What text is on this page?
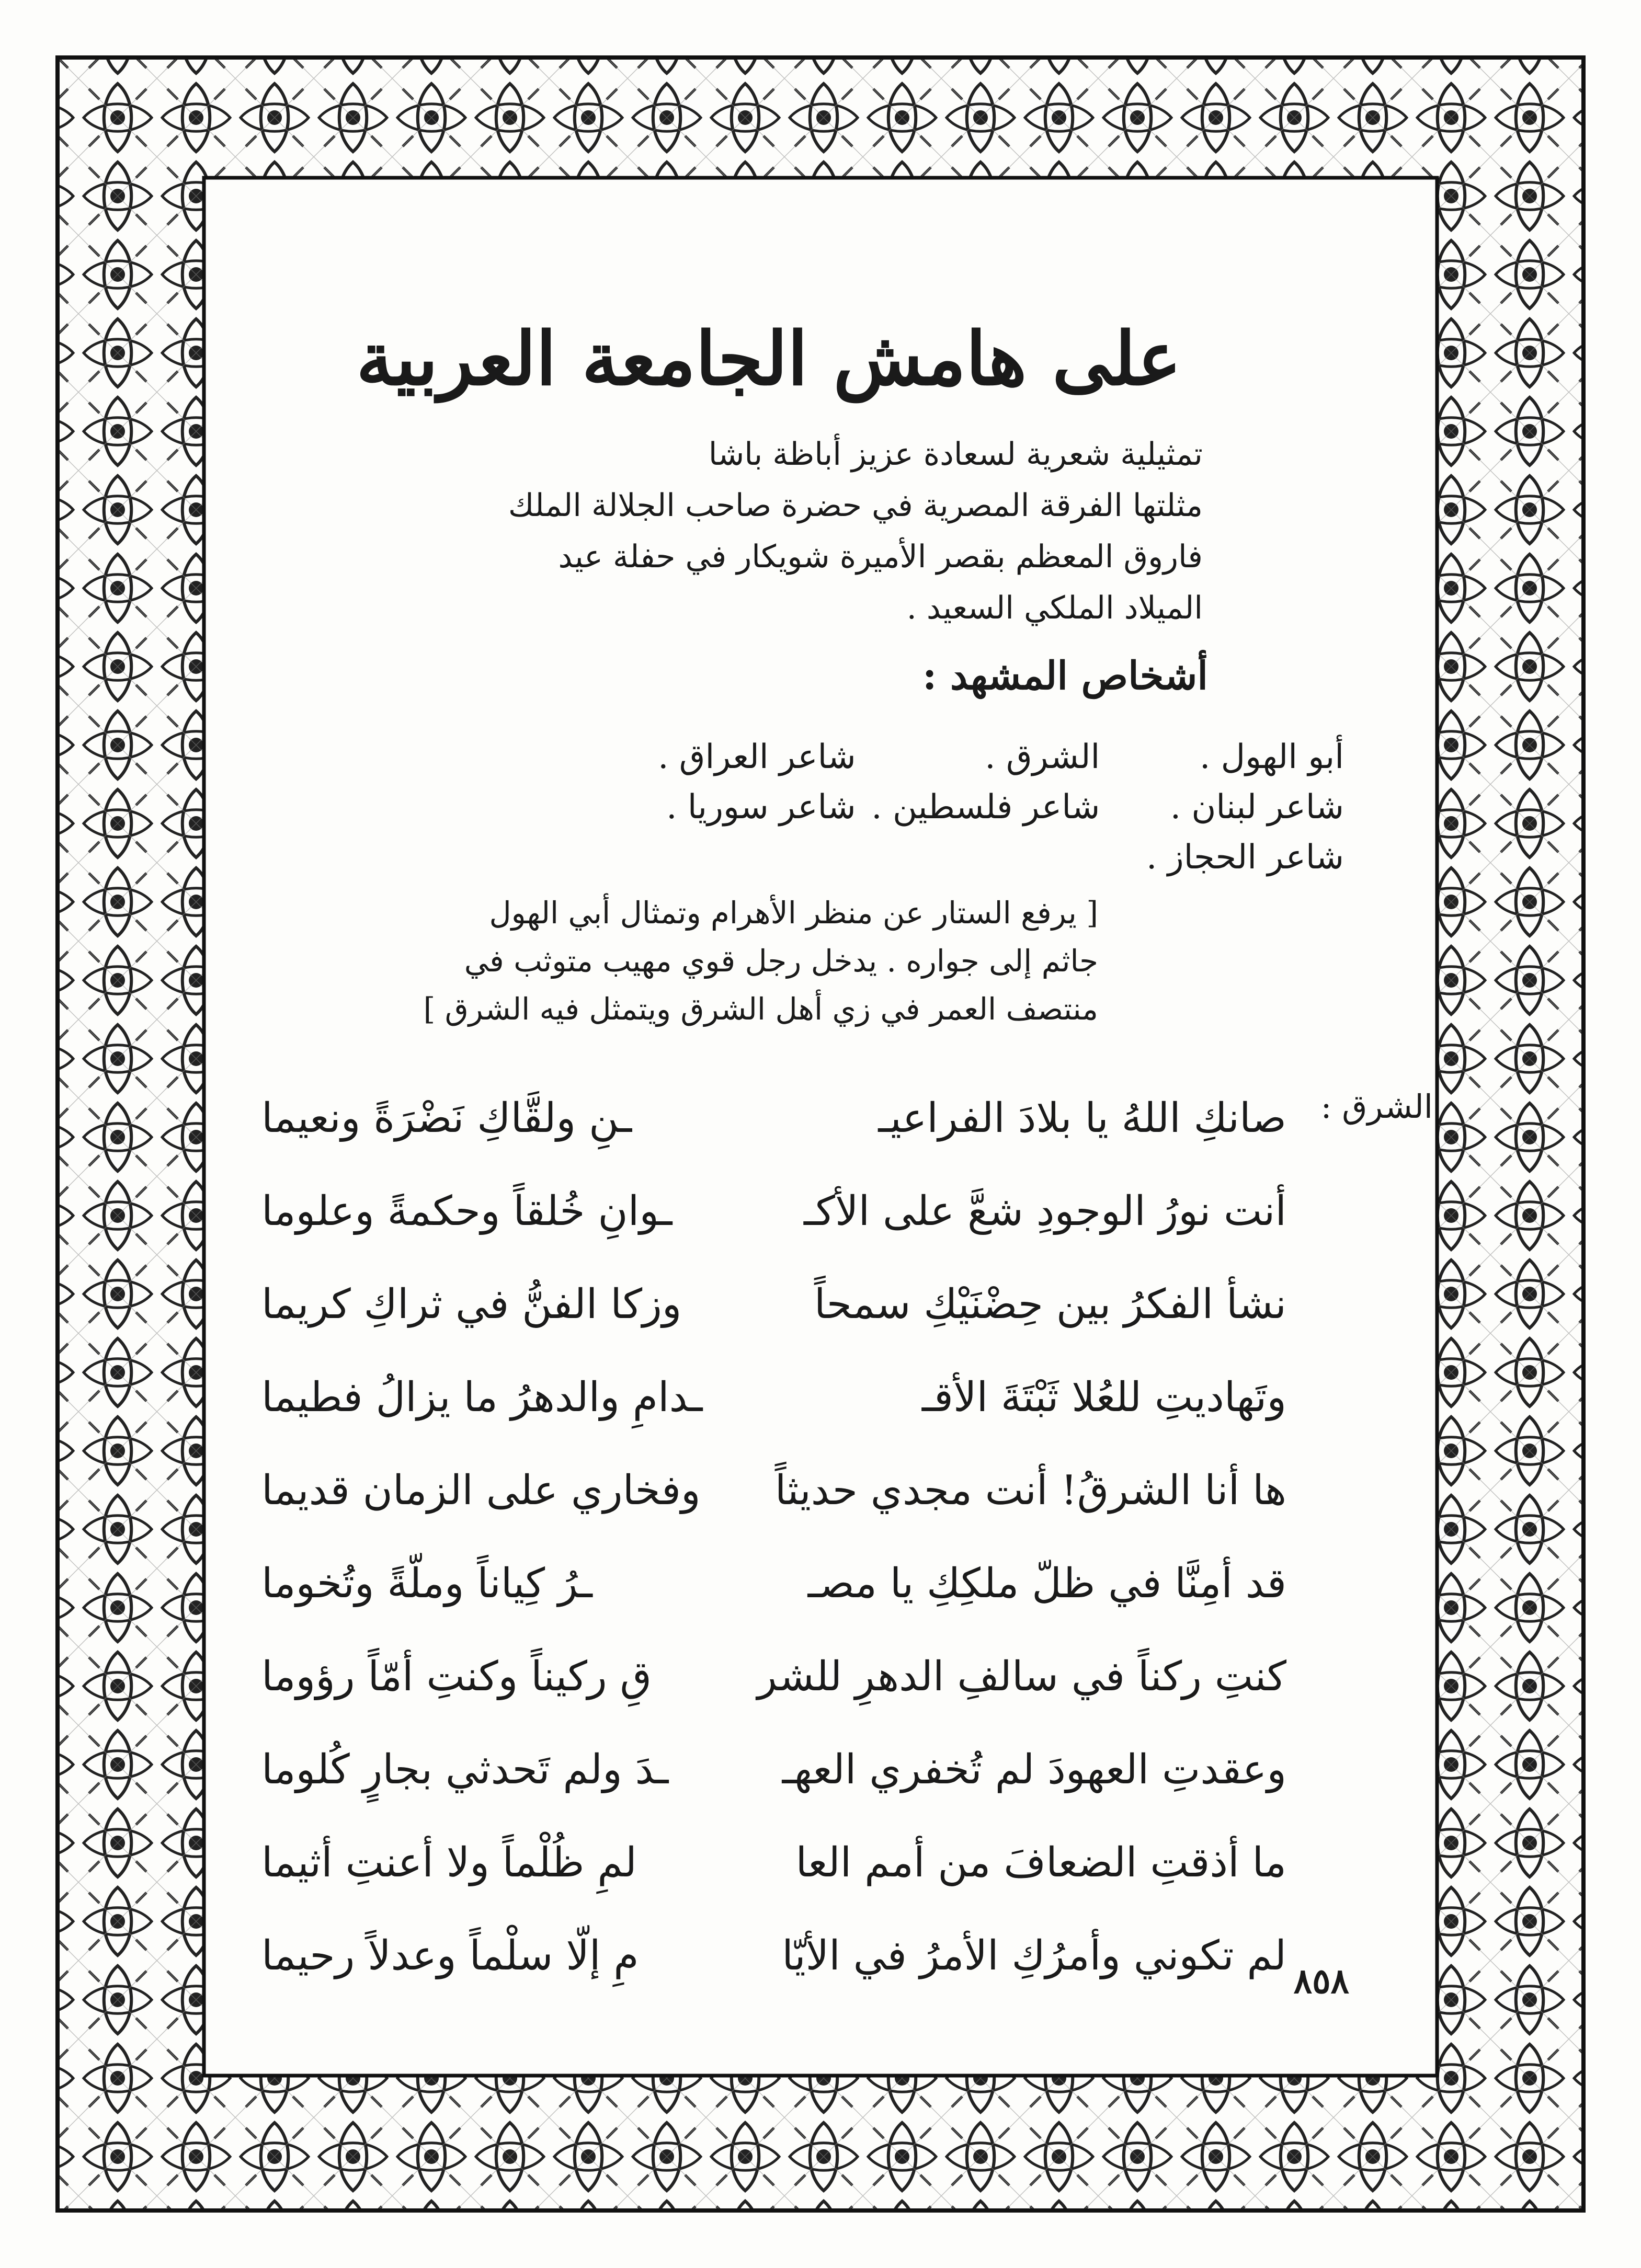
على هامش الجامعة العربية
تمثيلية شعرية لسعادة عزيز أباظة باشا
مثلتها الفرقة المصرية في حضرة صاحب الجلالة الملك
فاروق المعظم بقصر الأميرة شويكار في حفلة عيد
الميلاد الملكي السعيد .
أشخاص المشهد :
أبو الهول .
الشرق .
شاعر العراق .
شاعر لبنان .
شاعر فلسطين .
شاعر سوريا .
شاعر الحجاز .
[ يرفع الستار عن منظر الأهرام وتمثال أبي الهول
جاثم إلى جواره . يدخل رجل قوي مهيب متوثب في
منتصف العمر في زي أهل الشرق ويتمثل فيه الشرق ]
الشرق :
صانكِ اللهُ يا بلادَ الفراعيـ
ـنِ ولقَّاكِ نَضْرَةً ونعيما
أنت نورُ الوجودِ شعَّ على الأكـ
ـوانِ خُلقاً وحكمةً وعلوما
نشأ الفكرُ بين حِضْنَيْكِ سمحاً
وزكا الفنُّ في ثراكِ كريما
وتَهاديتِ للعُلا ثَبْتَةَ الأقـ
ـدامِ والدهرُ ما يزالُ فطيما
ها أنا الشرقُ! أنت مجدي حديثاً
وفخاري على الزمان قديما
قد أمِنَّا في ظلّ ملكِكِ يا مصـ
ـرُ كِياناً وملّةً وتُخوما
كنتِ ركناً في سالفِ الدهرِ للشر
قِ ركيناً وكنتِ أمّاً رؤوما
وعقدتِ العهودَ لم تُخفري العهـ
ـدَ ولم تَحدثي بجارٍ كُلوما
ما أذقتِ الضعافَ من أمم العا
لمِ ظُلْماً ولا أعنتِ أثيما
لم تكوني وأمرُكِ الأمرُ في الأيّا
مِ إلّا سلْماً وعدلاً رحيما
٨٥٨
